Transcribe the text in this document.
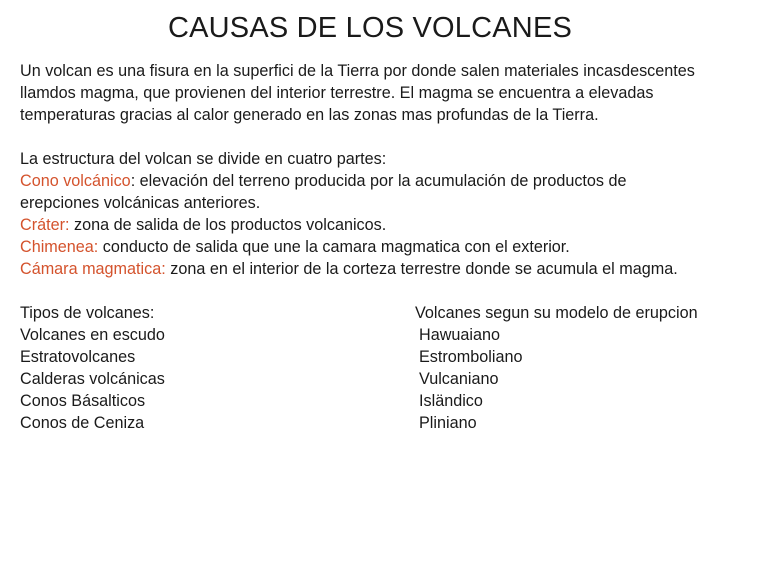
CAUSAS DE LOS VOLCANES

Un volcan es una fisura en la superfici de la Tierra por donde salen materiales incasdescentes

llamdos magma, que provienen del interior terrestre. El magma se encuentra a elevadas

temperaturas gracias al calor generado en las zonas mas profundas de la Tierra.

La estructura del volcan se divide en cuatro partes:

Cono volcánico: elevación del terreno producida por la acumulación de productos de

erepciones volcánicas anteriores.

Cráter: zona de salida de los productos volcanicos.

Chimenea: conducto de salida que une la camara magmatica con el exterior.

Cámara magmatica: zona en el interior de la corteza terrestre donde se acumula el magma.

Tipos de volcanes:
Volcanes en escudo
Estratovolcanes
Calderas volcánicas
Conos Básalticos
Conos de Ceniza
Volcanes segun su modelo de erupcion
Hawuaiano
Estromboliano
Vulcaniano
Isländico
Pliniano
